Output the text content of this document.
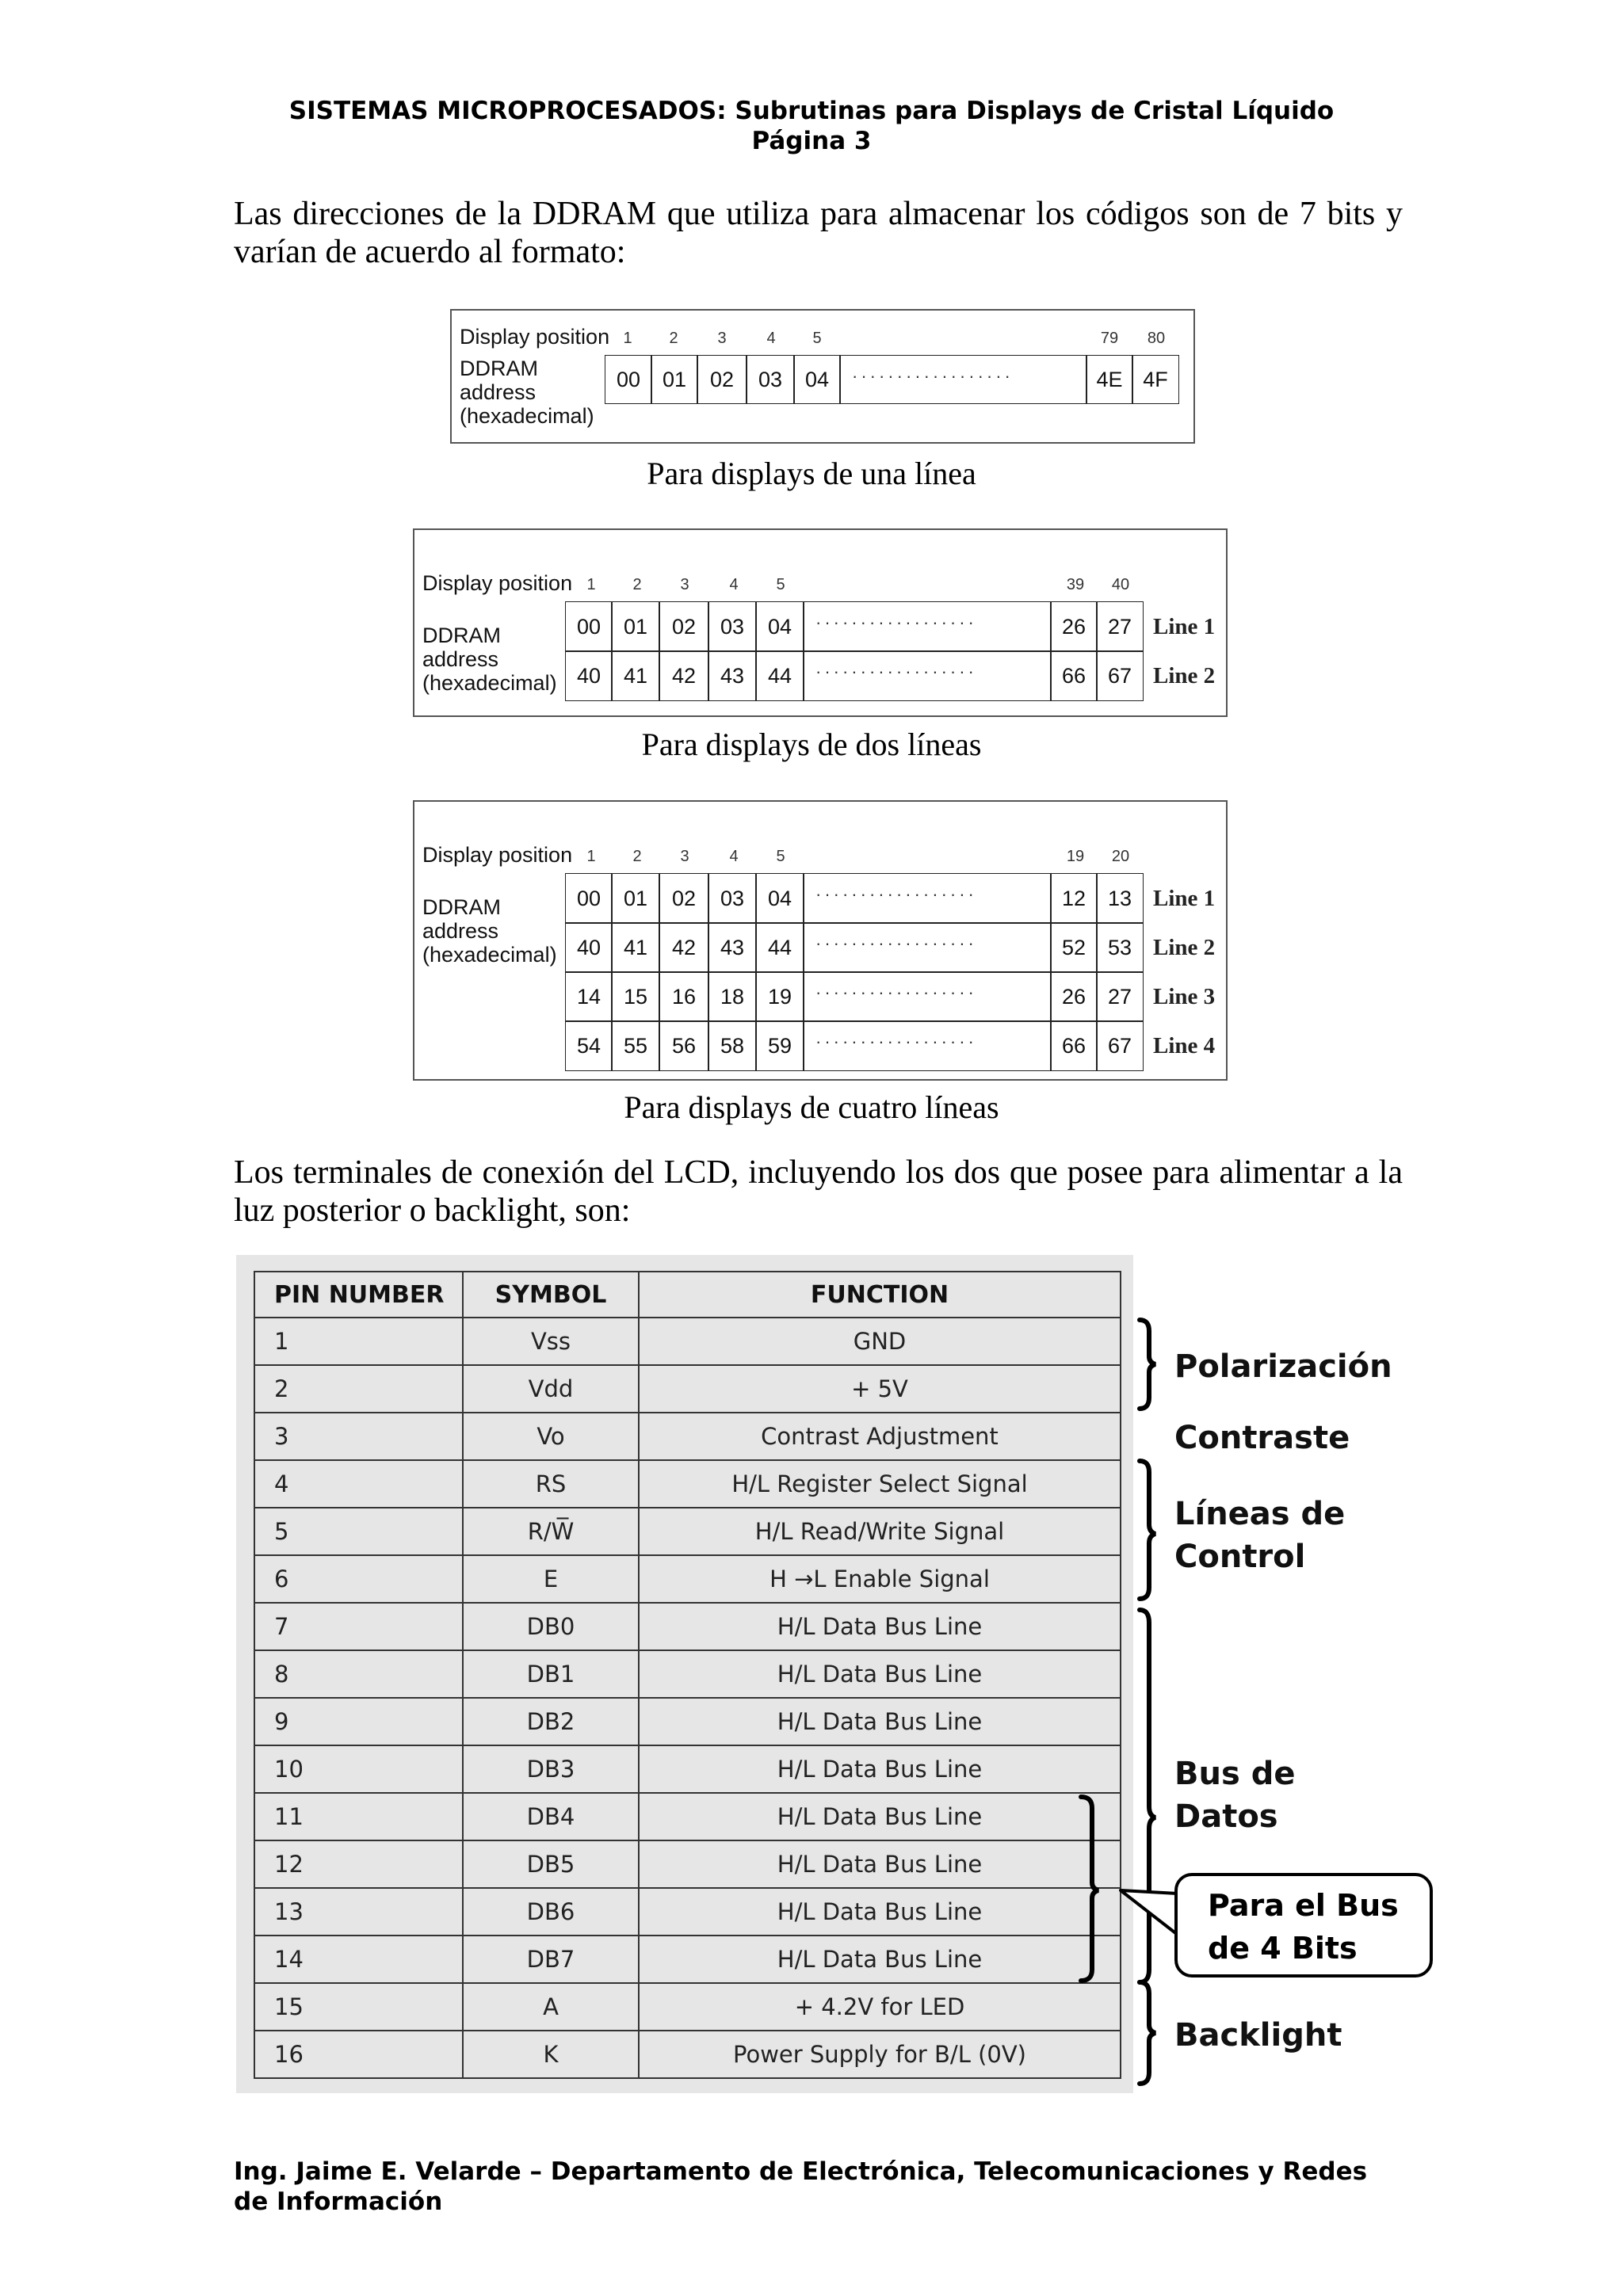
SISTEMAS MICROPROCESADOS: Subrutinas para Displays de Cristal Líquido
Página 3
Las direcciones de la DDRAM que utiliza para almacenar los códigos son de 7 bits y varían de acuerdo al formato:
Display position
DDRAM
address
(hexadecimal)
1 2 3	4 5	79 80
00	01	02	03	04	··················	4E 4F
Para displays de una línea
Display position
DDRAM
address
(hexadecimal)
1 2 3	4 5	39 40
00	01	02	03	04	··················	26	27 Line 1
40	41	42	43	44	··················	66	67 Line 2
Para displays de dos líneas
Display position
DDRAM
address
(hexadecimal)
1 2 3	4 5	19 20
00	01	02	03	04	··················	12	13 Line 1
40	41	42	43	44	··················	52	53 Line 2
14	15	16	18	19	··················	26	27 Line 3
54	55	56	58	59	··················	66	67 Line 4
Para displays de cuatro líneas
Los terminales de conexión del LCD, incluyendo los dos que posee para alimentar a la luz posterior o backlight, son:
PIN NUMBER	SYMBOL	FUNCTION
1	Vss	GND
2	Vdd	+ 5V
3	Vo	Contrast Adjustment
4	RS	H/L Register Select Signal
5	R/W̅	H/L Read/Write Signal
6	E	H →L Enable Signal
7	DB0	H/L Data Bus Line
8	DB1	H/L Data Bus Line
9	DB2	H/L Data Bus Line
10	DB3	H/L Data Bus Line
11	DB4	H/L Data Bus Line
12	DB5	H/L Data Bus Line
13	DB6	H/L Data Bus Line
14	DB7	H/L Data Bus Line
15	A	+ 4.2V for LED
16	K	Power Supply for B/L (0V)
Polarización
Contraste
Líneas de
Control
Bus de
Datos
Backlight
Para el Bus
de 4 Bits
Ing. Jaime E. Velarde – Departamento de Electrónica, Telecomunicaciones y Redes
de Información
